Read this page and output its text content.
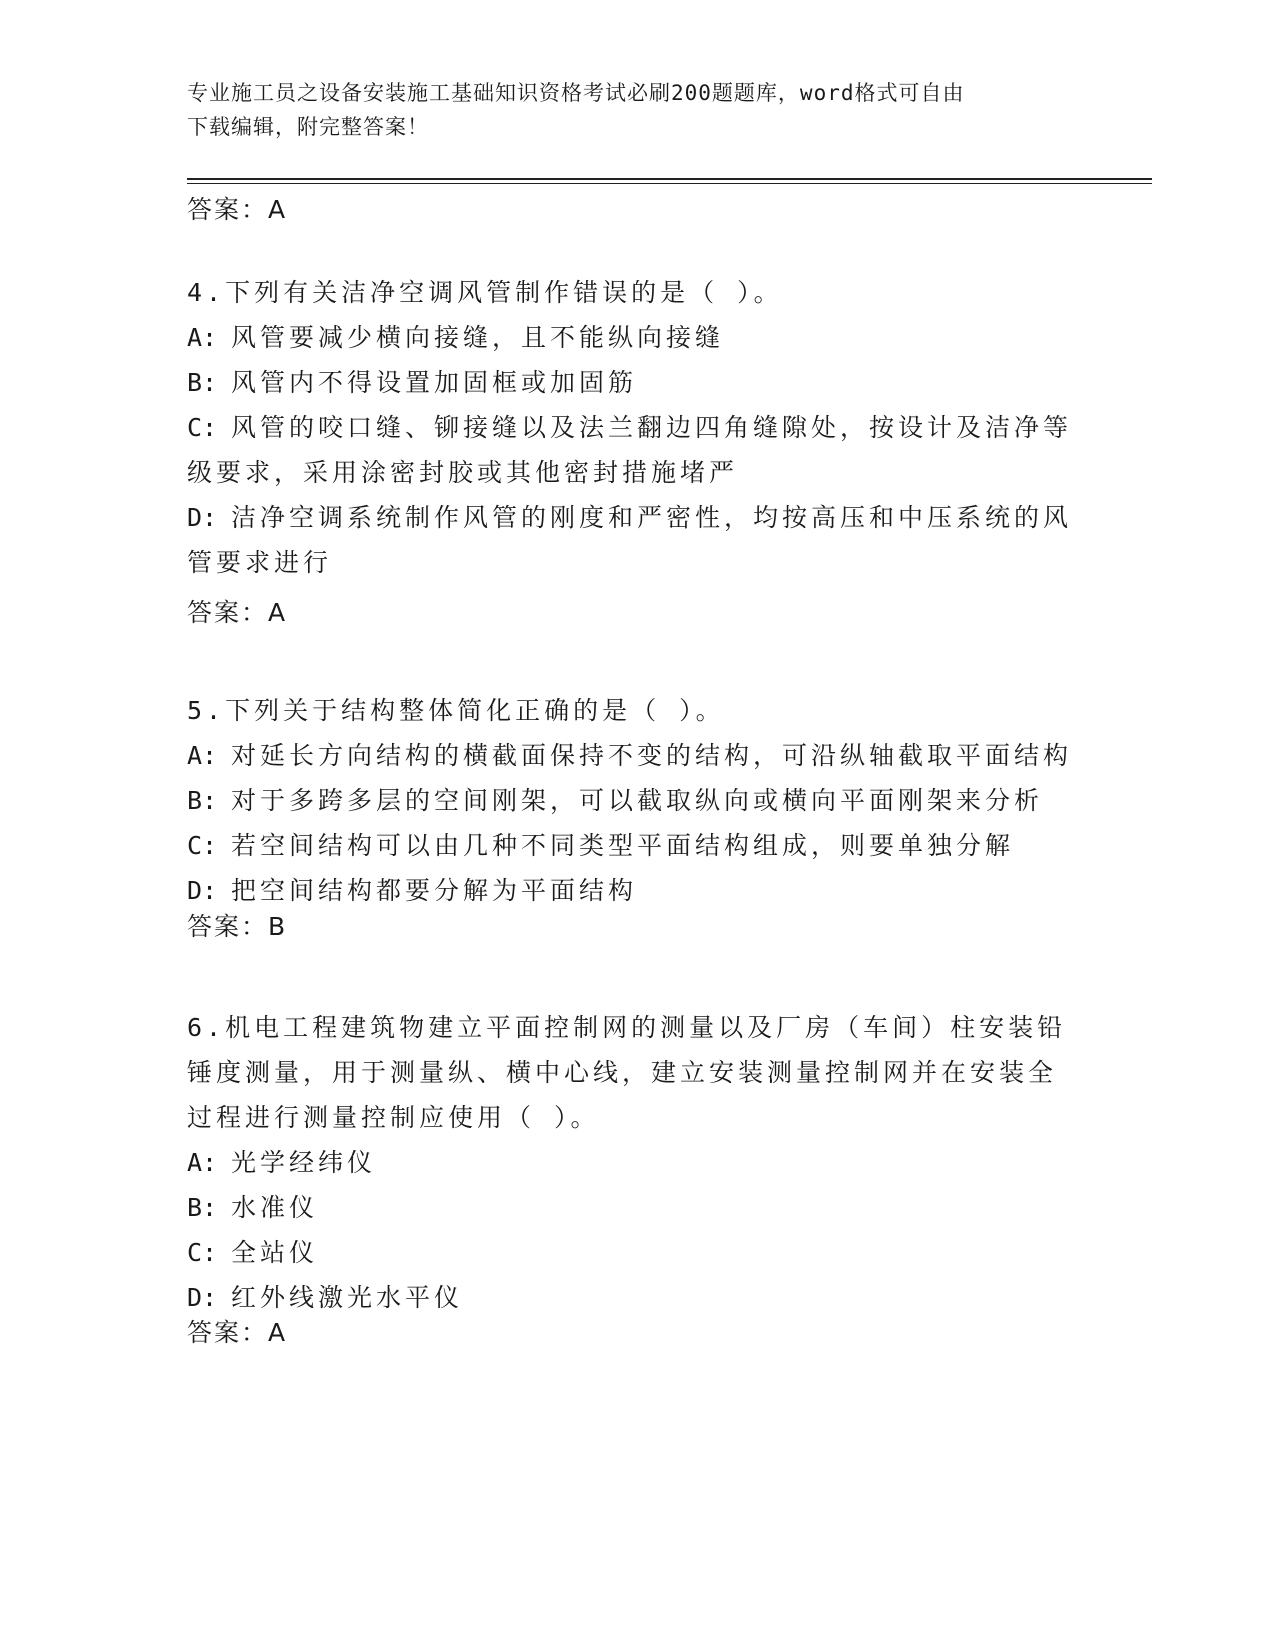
专业施工员之设备安装施工基础知识资格考试必刷200题题库，word格式可自由
下载编辑，附完整答案！
答案：A
4.下列有关洁净空调风管制作错误的是（ ）。
A: 风管要减少横向接缝，且不能纵向接缝
B: 风管内不得设置加固框或加固筋
C: 风管的咬口缝、铆接缝以及法兰翻边四角缝隙处，按设计及洁净等
级要求，采用涂密封胶或其他密封措施堵严
D: 洁净空调系统制作风管的刚度和严密性，均按高压和中压系统的风
管要求进行
答案：A
5.下列关于结构整体简化正确的是（ ）。
A: 对延长方向结构的横截面保持不变的结构，可沿纵轴截取平面结构
B: 对于多跨多层的空间刚架，可以截取纵向或横向平面刚架来分析
C: 若空间结构可以由几种不同类型平面结构组成，则要单独分解
D: 把空间结构都要分解为平面结构
答案：B
6.机电工程建筑物建立平面控制网的测量以及厂房（车间）柱安装铅
锤度测量，用于测量纵、横中心线，建立安装测量控制网并在安装全
过程进行测量控制应使用（ ）。
A: 光学经纬仪
B: 水准仪
C: 全站仪
D: 红外线激光水平仪
答案：A
